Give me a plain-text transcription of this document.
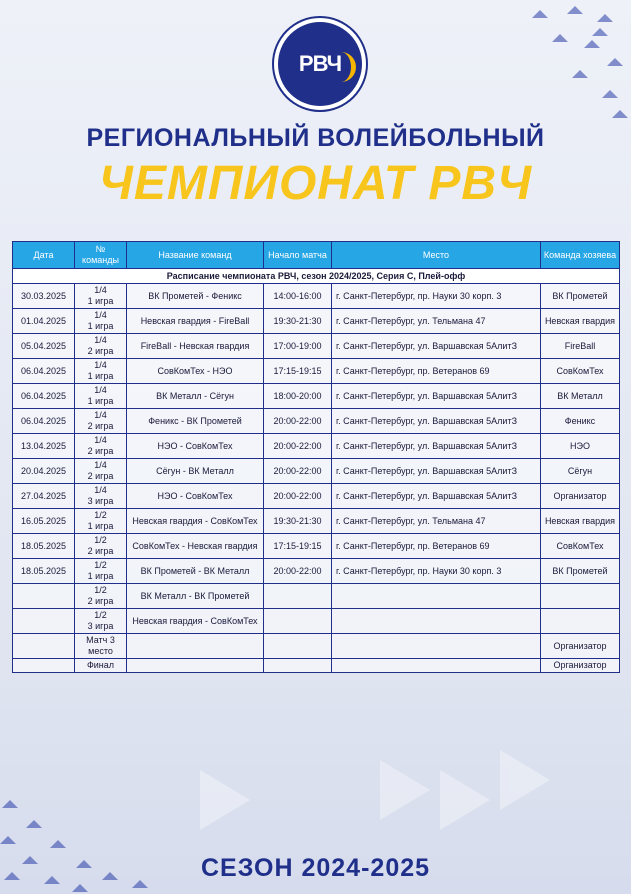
РВЧ
РЕГИОНАЛЬНЫЙ ВОЛЕЙБОЛЬНЫЙ
ЧЕМПИОНАТ РВЧ
Расписание чемпионата РВЧ, сезон 2024/2025, Серия С, Плей-офф					
Дата	№ команды	Название команд	Начало матча	Место	Команда хозяева
30.03.2025	1/4
1 игра	ВК Прометей - Феникс	14:00-16:00	г. Санкт-Петербург, пр. Науки 30 корп. 3	ВК Прометей
01.04.2025	1/4
1 игра	Невская гвардия - FireBall	19:30-21:30	г. Санкт-Петербург, ул. Тельмана 47	Невская гвардия
05.04.2025	1/4
2 игра	FireBall - Невская гвардия	17:00-19:00	г. Санкт-Петербург, ул. Варшавская 5АлитЗ	FireBall
06.04.2025	1/4
1 игра	СовКомТех - НЭО	17:15-19:15	г. Санкт-Петербург, пр. Ветеранов 69	СовКомТех
06.04.2025	1/4
1 игра	ВК Металл - Сёгун	18:00-20:00	г. Санкт-Петербург, ул. Варшавская 5АлитЗ	ВК Металл
06.04.2025	1/4
2 игра	Феникс - ВК Прометей	20:00-22:00	г. Санкт-Петербург, ул. Варшавская 5АлитЗ	Феникс
13.04.2025	1/4
2 игра	НЭО - СовКомТех	20:00-22:00	г. Санкт-Петербург, ул. Варшавская 5АлитЗ	НЭО
20.04.2025	1/4
2 игра	Сёгун - ВК Металл	20:00-22:00	г. Санкт-Петербург, ул. Варшавская 5АлитЗ	Сёгун
27.04.2025	1/4
3 игра	НЭО - СовКомТех	20:00-22:00	г. Санкт-Петербург, ул. Варшавская 5АлитЗ	Организатор
16.05.2025	1/2
1 игра	Невская гвардия - СовКомТех	19:30-21:30	г. Санкт-Петербург, ул. Тельмана 47	Невская гвардия
18.05.2025	1/2
2 игра	СовКомТех - Невская гвардия	17:15-19:15	г. Санкт-Петербург, пр. Ветеранов 69	СовКомТех
18.05.2025	1/2
1 игра	ВК Прометей - ВК Металл	20:00-22:00	г. Санкт-Петербург, пр. Науки 30 корп. 3	ВК Прометей

	1/2
2 игра	ВК Металл - ВК Прометей			

	1/2
3 игра	Невская гвардия - СовКомТех			

	Матч 3
место				Организатор

	Финал				Организатор
СЕЗОН 2024-2025
